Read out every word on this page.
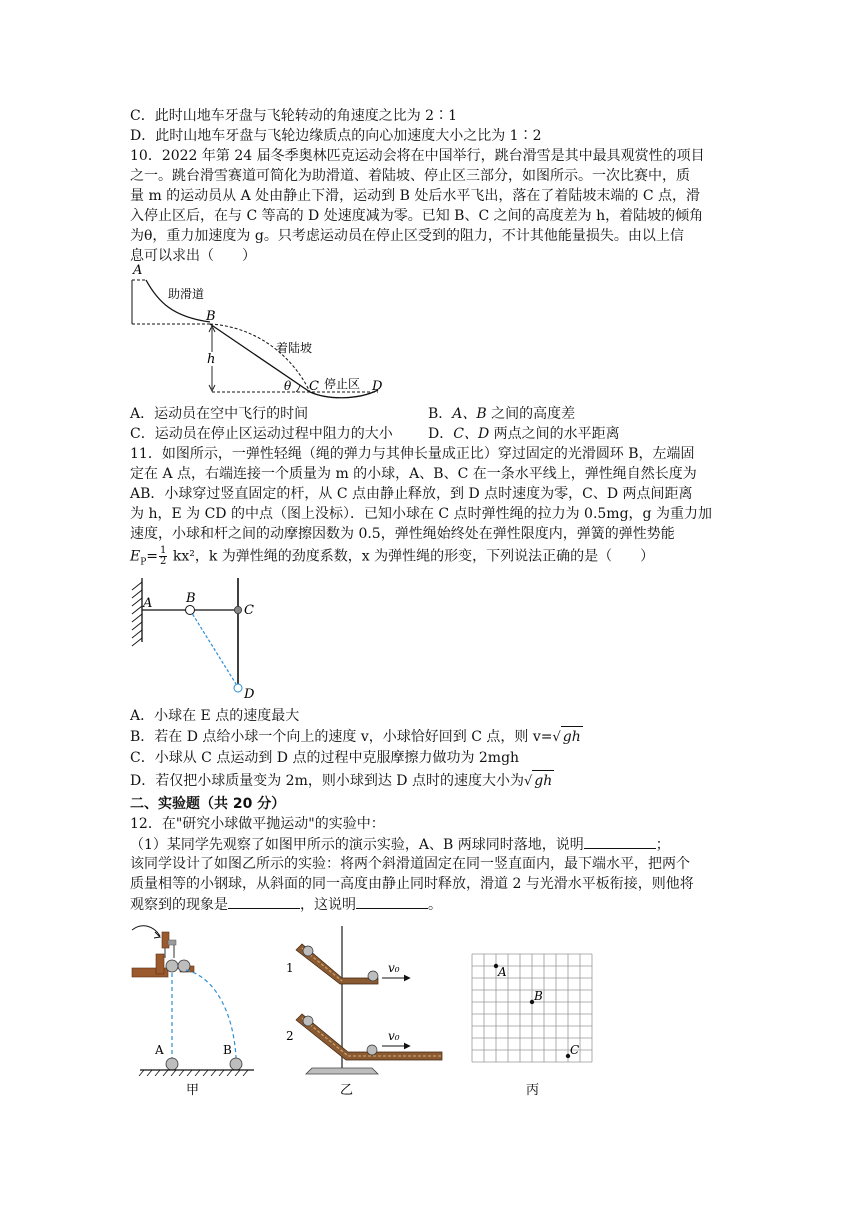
C．此时山地车牙盘与飞轮转动的角速度之比为 2∶1
D．此时山地车牙盘与飞轮边缘质点的向心加速度大小之比为 1∶2
10．2022 年第 24 届冬季奥林匹克运动会将在中国举行，跳台滑雪是其中最具观赏性的项目
之一。跳台滑雪赛道可简化为助滑道、着陆坡、停止区三部分，如图所示。一次比赛中，质
量 m 的运动员从 A 处由静止下滑，运动到 B 处后水平飞出，落在了着陆坡末端的 C 点，滑
入停止区后，在与 C 等高的 D 处速度减为零。已知 B、C 之间的高度差为 h，着陆坡的倾角
为θ，重力加速度为 g。只考虑运动员在停止区受到的阻力，不计其他能量损失。由以上信
息可以求出（　　）
A
B
C	D
h
θ
助滑道
着陆坡
停止区
A．运动员在空中飞行的时间	B．A、B 之间的高度差
C．运动员在停止区运动过程中阻力的大小	D．C、D 两点之间的水平距离
11．如图所示，一弹性轻绳（绳的弹力与其伸长量成正比）穿过固定的光滑圆环 B，左端固
定在 A 点，右端连接一个质量为 m 的小球，A、B、C 在一条水平线上，弹性绳自然长度为
AB．小球穿过竖直固定的杆，从 C 点由静止释放，到 D 点时速度为零，C、D 两点间距离
为 h，E 为 CD 的中点（图上没标）．已知小球在 C 点时弹性绳的拉力为 0.5mg，g 为重力加
速度，小球和杆之间的动摩擦因数为 0.5，弹性绳始终处在弹性限度内，弹簧的弹性势能
$E_P= \frac{1}{2} kx^2$，k 为弹性绳的劲度系数，x 为弹性绳的形变，下列说法正确的是（　　）
A	B
C
D
A．小球在 E 点的速度最大
B．若在 D 点给小球一个向上的速度 v，小球恰好回到 C 点，则 v=√ gh
C．小球从 C 点运动到 D 点的过程中克服摩擦力做功为 2mgh
D．若仅把小球质量变为 2m，则小球到达 D 点时的速度大小为√ gh
二、实验题（共 20 分）
12．在"研究小球做平抛运动"的实验中：
（1）某同学先观察了如图甲所示的演示实验，A、B 两球同时落地，说明	；
该同学设计了如图乙所示的实验：将两个斜滑道固定在同一竖直面内，最下端水平，把两个
质量相等的小钢球，从斜面的同一高度由静止同时释放，滑道 2 与光滑水平板衔接，则他将
观察到的现象是	，这说明	。
A	B
甲
1
2
v₀
v₀
乙
A
B
C
丙
